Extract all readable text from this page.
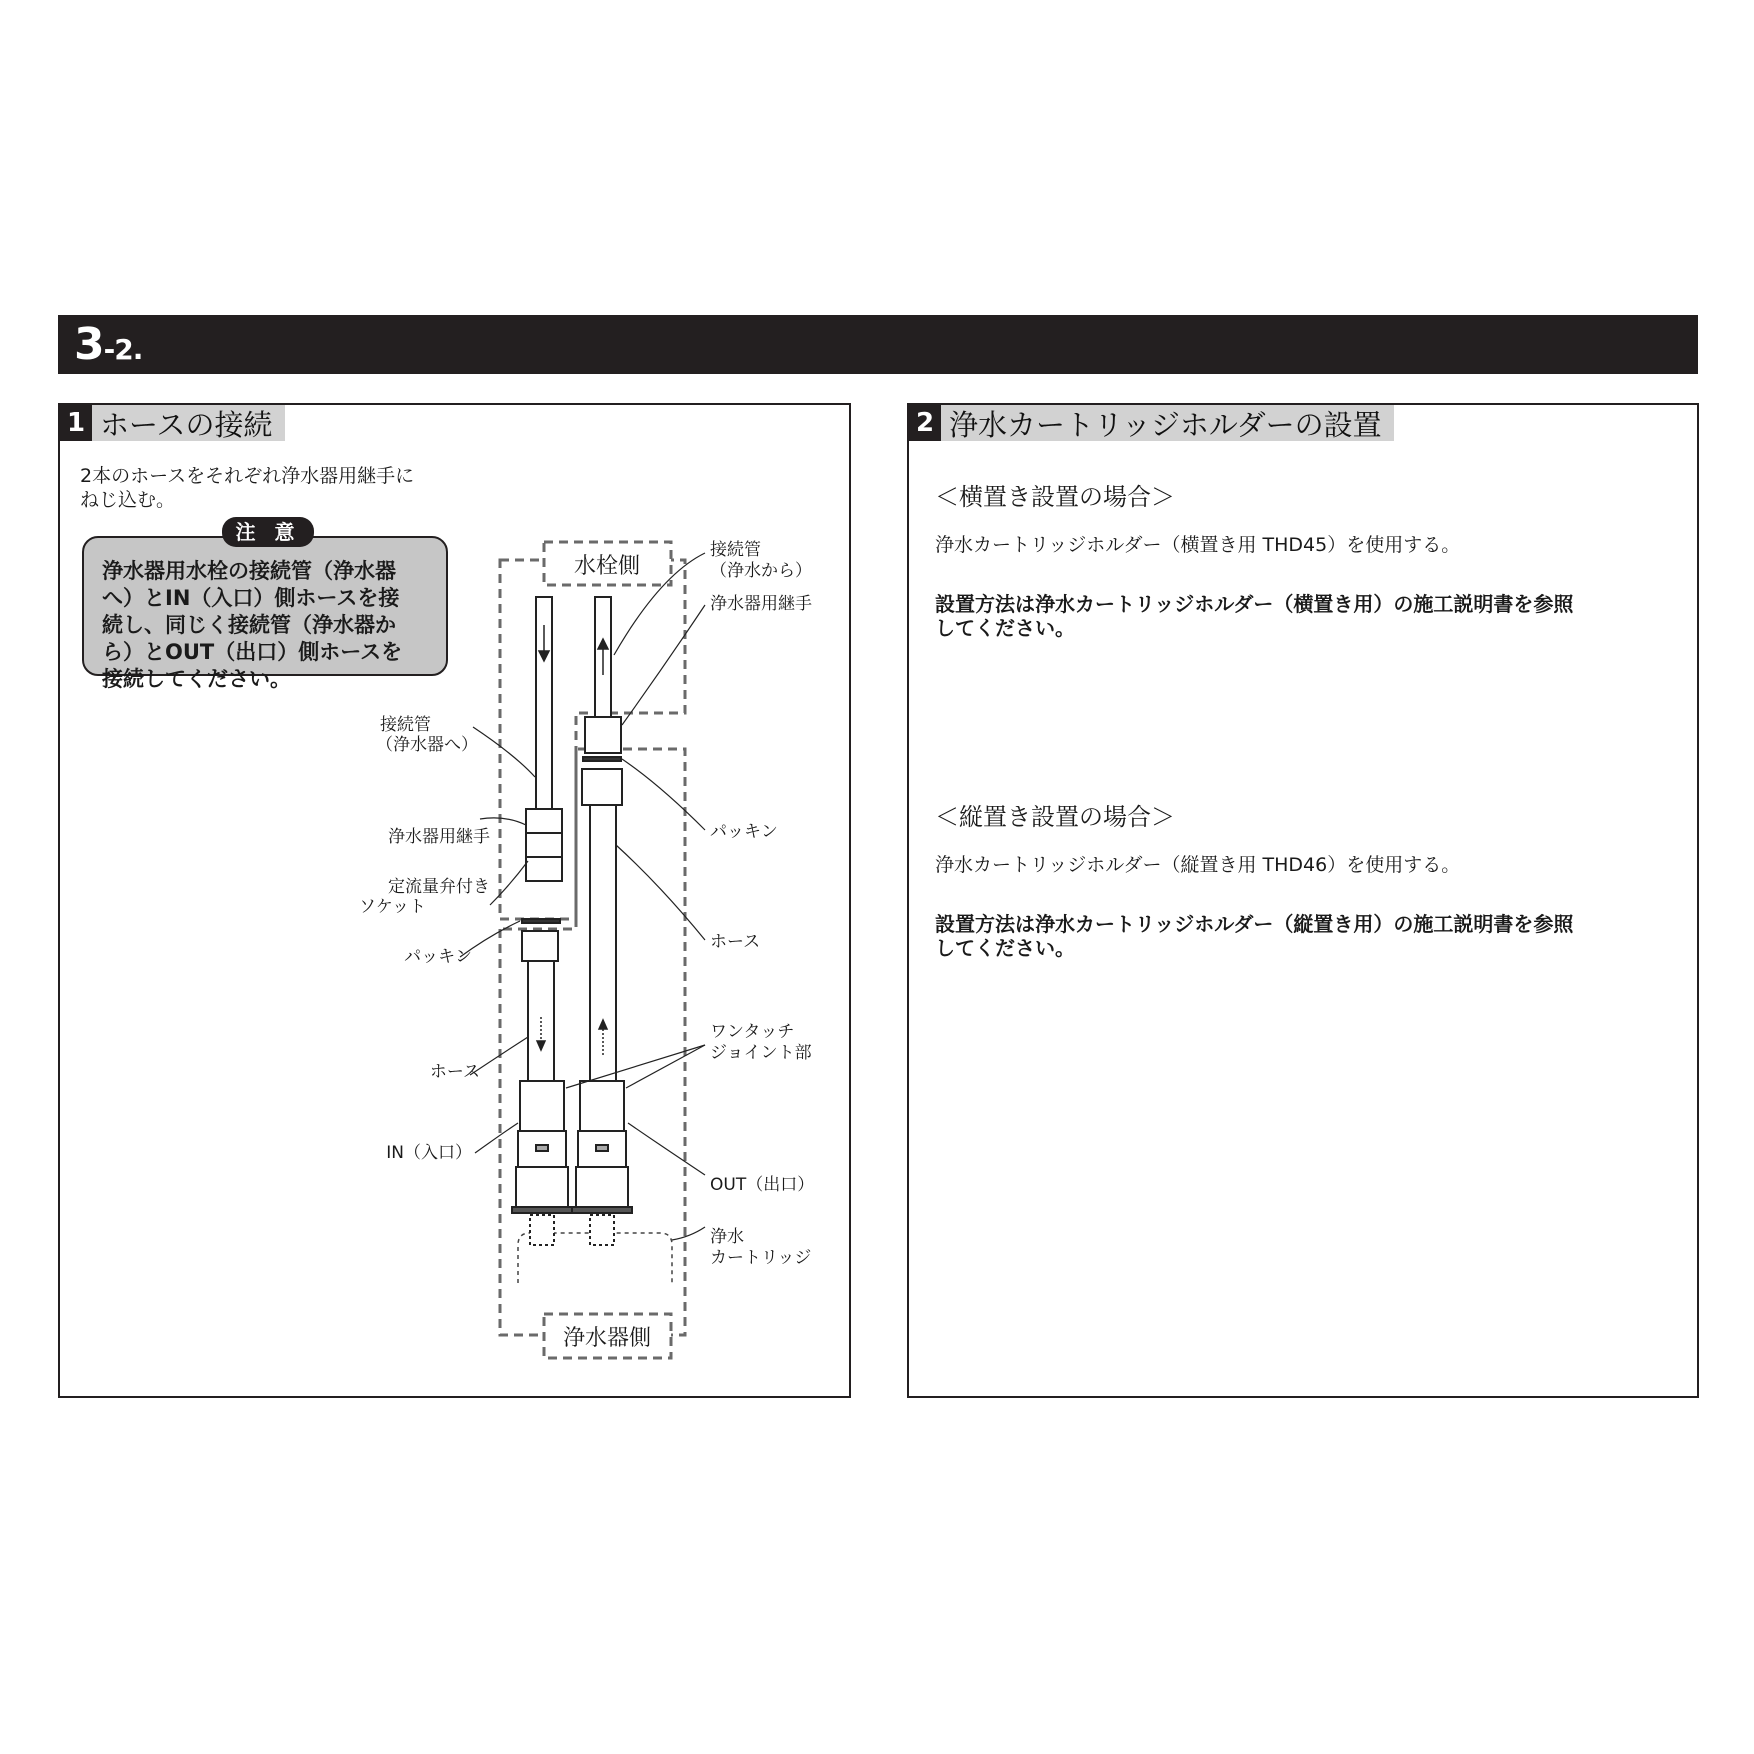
3-2.
1 ホースの接続
2本のホースをそれぞれ浄水器用継手に
ねじ込む。
注 意
浄水器用水栓の接続管（浄水器
へ）とIN（入口）側ホースを接
続し、同じく接続管（浄水器か
ら）とOUT（出口）側ホースを
接続してください。
水栓側
浄水器側
接続管
（浄水から）
浄水器用継手
接続管
（浄水器へ）
浄水器用継手
定流量弁付き
ソケット
パッキン
パッキン
ホース
ホース
ワンタッチ
ジョイント部
IN（入口）
OUT（出口）
浄水
カートリッジ
2 浄水カートリッジホルダーの設置
＜横置き設置の場合＞
浄水カートリッジホルダー（横置き用 THD45）を使用する。
設置方法は浄水カートリッジホルダー（横置き用）の施工説明書を参照
してください。
＜縦置き設置の場合＞
浄水カートリッジホルダー（縦置き用 THD46）を使用する。
設置方法は浄水カートリッジホルダー（縦置き用）の施工説明書を参照
してください。
